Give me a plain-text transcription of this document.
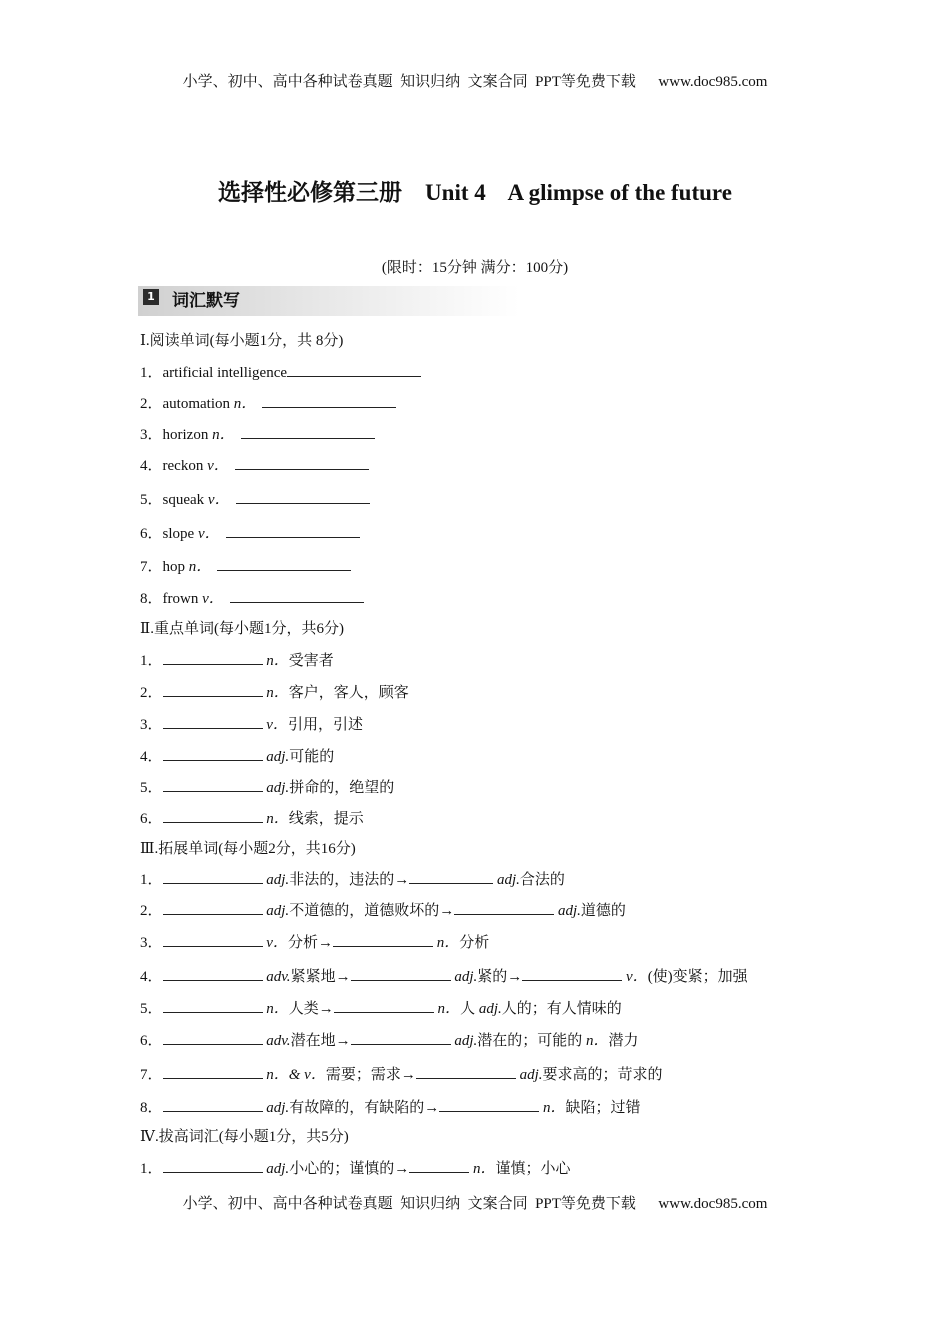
小学、初中、高中各种试卷真题  知识归纳  文案合同  PPT等免费下载      www.doc985.com
选择性必修第三册    Unit 4    A glimpse of the future
(限时：15分钟 满分：100分)
1 词汇默写
Ⅰ.阅读单词(每小题1分，共 8分)
1．artificial intelligence
2．automation n．
3．horizon n．
4．reckon v．
5．squeak v．
6．slope v．
7．hop n．
8．frown v．
Ⅱ.重点单词(每小题1分，共6分)
1．	n．受害者
2．	n．客户，客人，顾客
3．	v．引用，引述
4．	adj.可能的
5．	adj.拼命的，绝望的
6．	n．线索，提示
Ⅲ.拓展单词(每小题2分，共16分)
1．	adj.非法的，违法的→	adj.合法的
2．	adj.不道德的，道德败坏的→	adj.道德的
3．	v．分析→	n．分析
4．	adv.紧紧地→	adj.紧的→	v．(使)变紧；加强
5．	n．人类→	n．人 adj.人的；有人情味的
6．	adv.潜在地→	adj.潜在的；可能的 n．潜力
7．	n．& v．需要；需求→	adj.要求高的；苛求的
8．	adj.有故障的，有缺陷的→	n．缺陷；过错
Ⅳ.拔高词汇(每小题1分，共5分)
1．	adj.小心的；谨慎的→	n．谨慎；小心
小学、初中、高中各种试卷真题  知识归纳  文案合同  PPT等免费下载      www.doc985.com
